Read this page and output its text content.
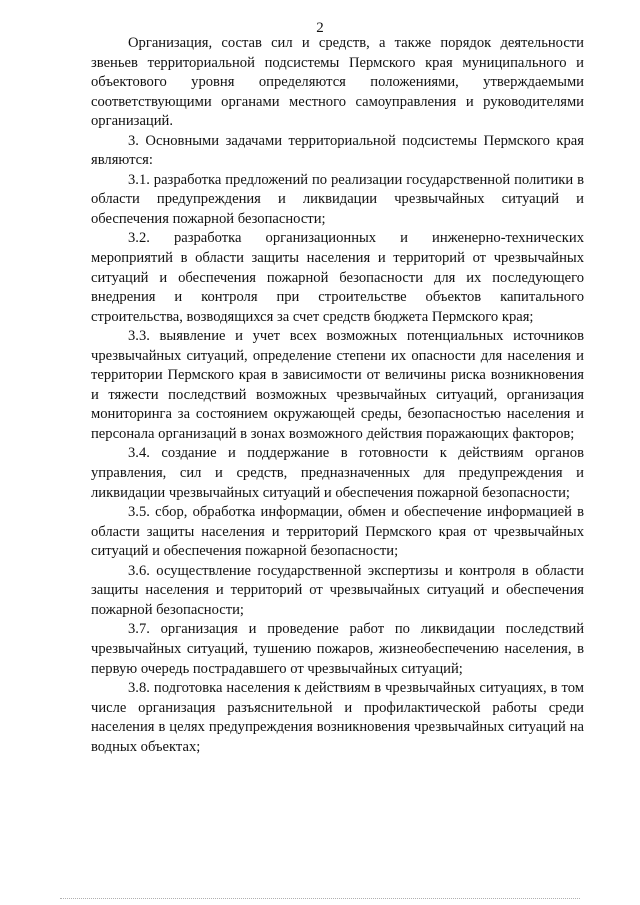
2

Организация, состав сил и средств, а также порядок деятельности звеньев территориальной подсистемы Пермского края муниципального и объектового уровня определяются положениями, утверждаемыми соответствующими органами местного самоуправления и руководителями организаций.

3. Основными задачами территориальной подсистемы Пермского края являются:

3.1. разработка предложений по реализации государственной политики в области предупреждения и ликвидации чрезвычайных ситуаций и обеспечения пожарной безопасности;

3.2. разработка организационных и инженерно-технических мероприятий в области защиты населения и территорий от чрезвычайных ситуаций и обеспечения пожарной безопасности для их последующего внедрения и контроля при строительстве объектов капитального строительства, возводящихся за счет средств бюджета Пермского края;

3.3. выявление и учет всех возможных потенциальных источников чрезвычайных ситуаций, определение степени их опасности для населения и территории Пермского края в зависимости от величины риска возникновения и тяжести последствий возможных чрезвычайных ситуаций, организация мониторинга за состоянием окружающей среды, безопасностью населения и персонала организаций в зонах возможного действия поражающих факторов;

3.4. создание и поддержание в готовности к действиям органов управления, сил и средств, предназначенных для предупреждения и ликвидации чрезвычайных ситуаций и обеспечения пожарной безопасности;

3.5. сбор, обработка информации, обмен и обеспечение информацией в области защиты населения и территорий Пермского края от чрезвычайных ситуаций и обеспечения пожарной безопасности;

3.6. осуществление государственной экспертизы и контроля в области защиты населения и территорий от чрезвычайных ситуаций и обеспечения пожарной безопасности;

3.7. организация и проведение работ по ликвидации последствий чрезвычайных ситуаций, тушению пожаров, жизнеобеспечению населения, в первую очередь пострадавшего от чрезвычайных ситуаций;

3.8. подготовка населения к действиям в чрезвычайных ситуациях, в том числе организация разъяснительной и профилактической работы среди населения в целях предупреждения возникновения чрезвычайных ситуаций на водных объектах;
